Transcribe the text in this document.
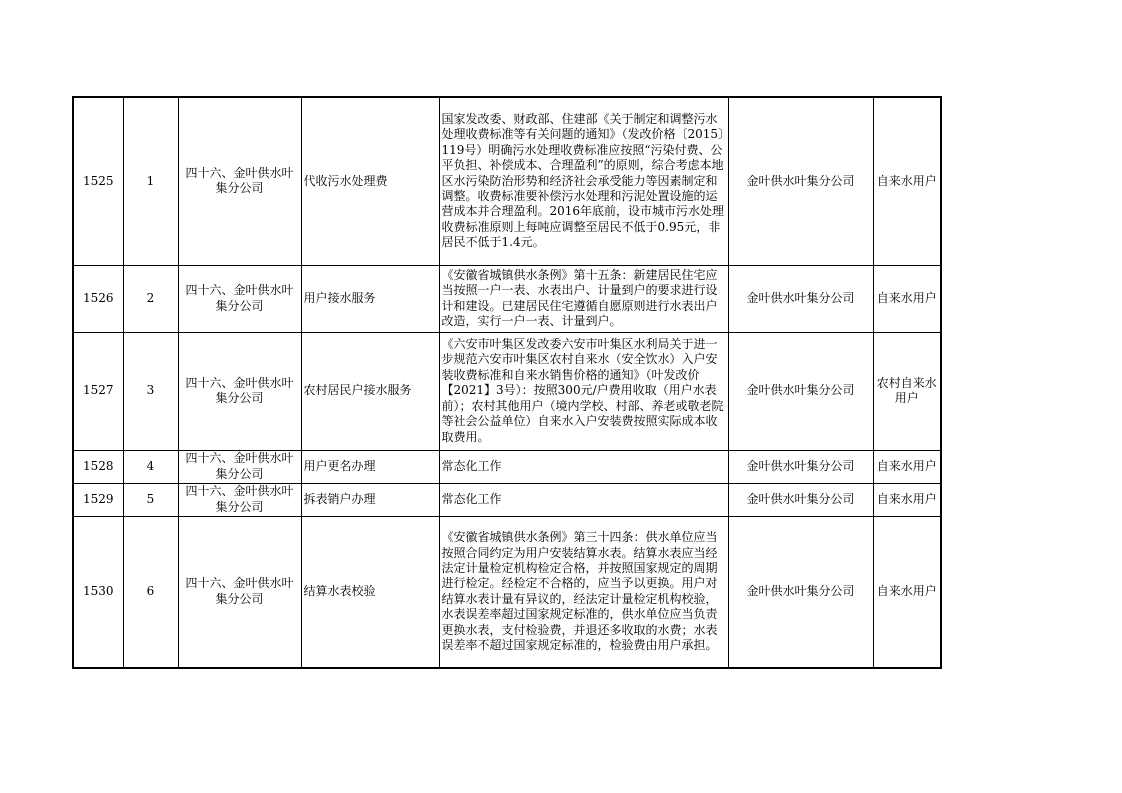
1525	1	四十六、金叶供水叶集分公司	代收污水处理费	国家发改委、财政部、住建部《关于制定和调整污水处理收费标准等有关问题的通知》（发改价格〔2015〕119号）明确污水处理收费标准应按照“污染付费、公平负担、补偿成本、合理盈利”的原则，综合考虑本地区水污染防治形势和经济社会承受能力等因素制定和调整。收费标准要补偿污水处理和污泥处置设施的运营成本并合理盈利。2016年底前，设市城市污水处理收费标准原则上每吨应调整至居民不低于0.95元，非居民不低于1.4元。	金叶供水叶集分公司	自来水用户
1526	2	四十六、金叶供水叶集分公司	用户接水服务	《安徽省城镇供水条例》第十五条：新建居民住宅应当按照一户一表、水表出户、计量到户的要求进行设计和建设。已建居民住宅遵循自愿原则进行水表出户改造，实行一户一表、计量到户。	金叶供水叶集分公司	自来水用户
1527	3	四十六、金叶供水叶集分公司	农村居民户接水服务	《六安市叶集区发改委六安市叶集区水利局关于进一步规范六安市叶集区农村自来水（安全饮水）入户安装收费标准和自来水销售价格的通知》（叶发改价【2021】3号）：按照300元/户费用收取（用户水表前）；农村其他用户（境内学校、村部、养老或敬老院等社会公益单位）自来水入户安装费按照实际成本收取费用。	金叶供水叶集分公司	农村自来水用户
1528	4	四十六、金叶供水叶集分公司	用户更名办理	常态化工作	金叶供水叶集分公司	自来水用户
1529	5	四十六、金叶供水叶集分公司	拆表销户办理	常态化工作	金叶供水叶集分公司	自来水用户
1530	6	四十六、金叶供水叶集分公司	结算水表校验	《安徽省城镇供水条例》第三十四条：供水单位应当按照合同约定为用户安装结算水表。结算水表应当经法定计量检定机构检定合格，并按照国家规定的周期进行检定。经检定不合格的，应当予以更换。用户对结算水表计量有异议的，经法定计量检定机构校验，水表误差率超过国家规定标准的，供水单位应当负责更换水表，支付检验费，并退还多收取的水费；水表误差率不超过国家规定标准的，检验费由用户承担。	金叶供水叶集分公司	自来水用户
